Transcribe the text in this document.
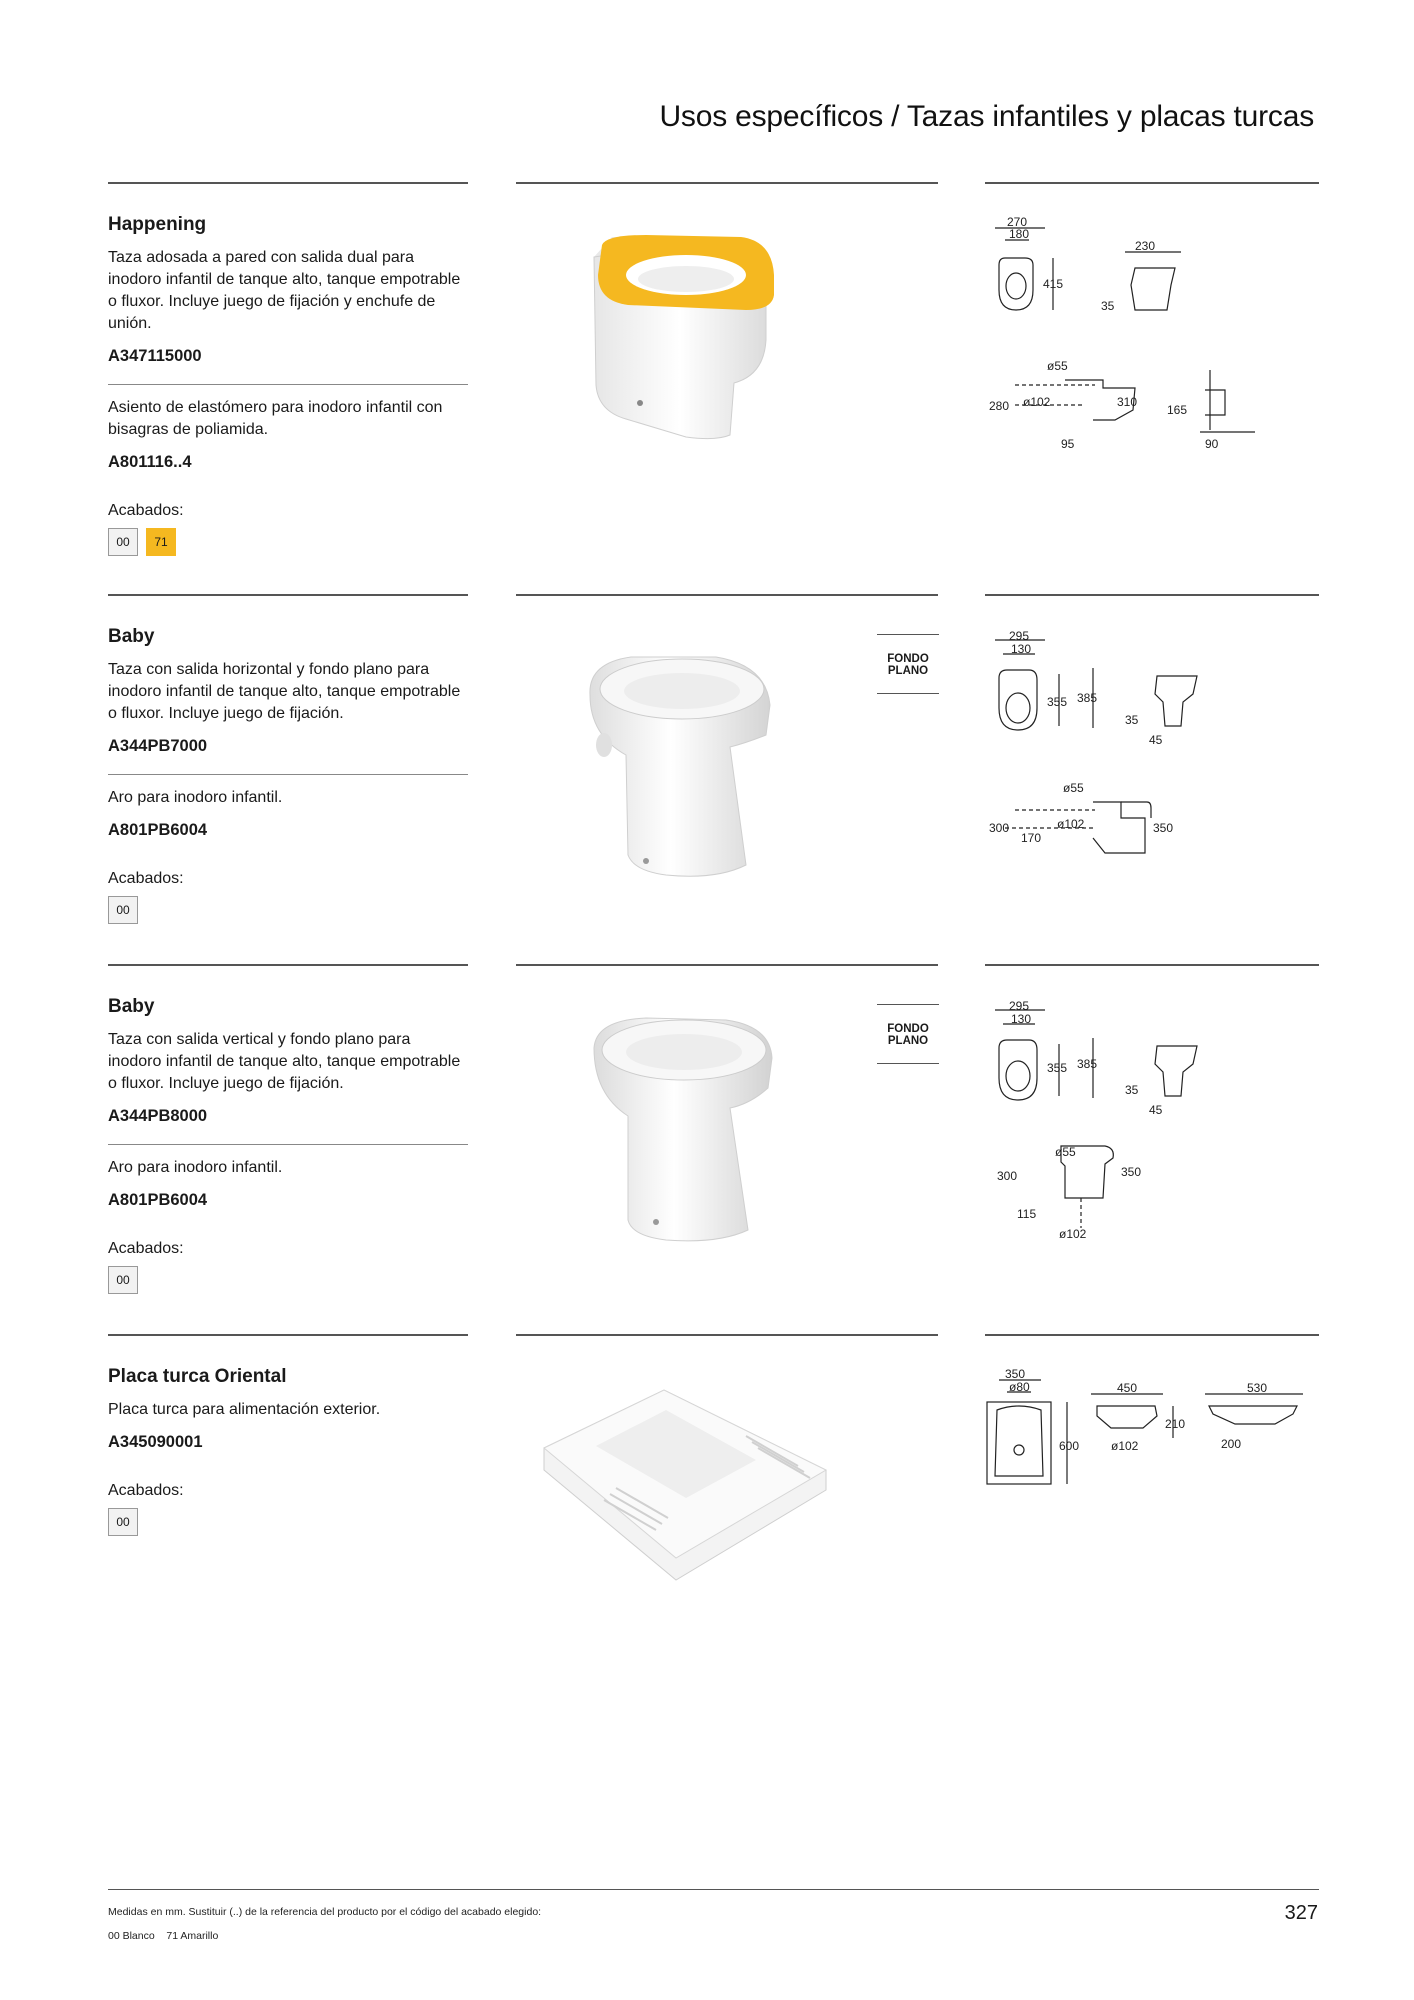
Usos específicos / Tazas infantiles y placas turcas
Happening

Taza adosada a pared con salida dual para inodoro infantil de tanque alto, tanque empotrable o fluxor. Incluye juego de fijación y enchufe de unión.

A347115000

Asiento de elastómero para inodoro infantil con bisagras de poliamida.

A801116..4

Acabados:

00	71
270
180
415
230
35
ø55
280 ø102	310
95
165
90
Baby

Taza con salida horizontal y fondo plano para inodoro infantil de tanque alto, tanque empotrable o fluxor. Incluye juego de fijación.

A344PB7000

Aro para inodoro infantil.

A801PB6004

Acabados:

00
FONDO
PLANO
295
130
355 385
35
45
ø55
300
170
ø102	350
Baby

Taza con salida vertical y fondo plano para inodoro infantil de tanque alto, tanque empotrable o fluxor. Incluye juego de fijación.

A344PB8000

Aro para inodoro infantil.

A801PB6004

Acabados:

00
FONDO
PLANO
295
130
355 385
35
45
ø55
300	350
115
ø102
Placa turca Oriental

Placa turca para alimentación exterior.

A345090001

Acabados:

00
350
ø80
600
450
210
ø102
530
200
Medidas en mm. Sustituir (..) de la referencia del producto por el código del acabado elegido:
00 Blanco    71 Amarillo
327
